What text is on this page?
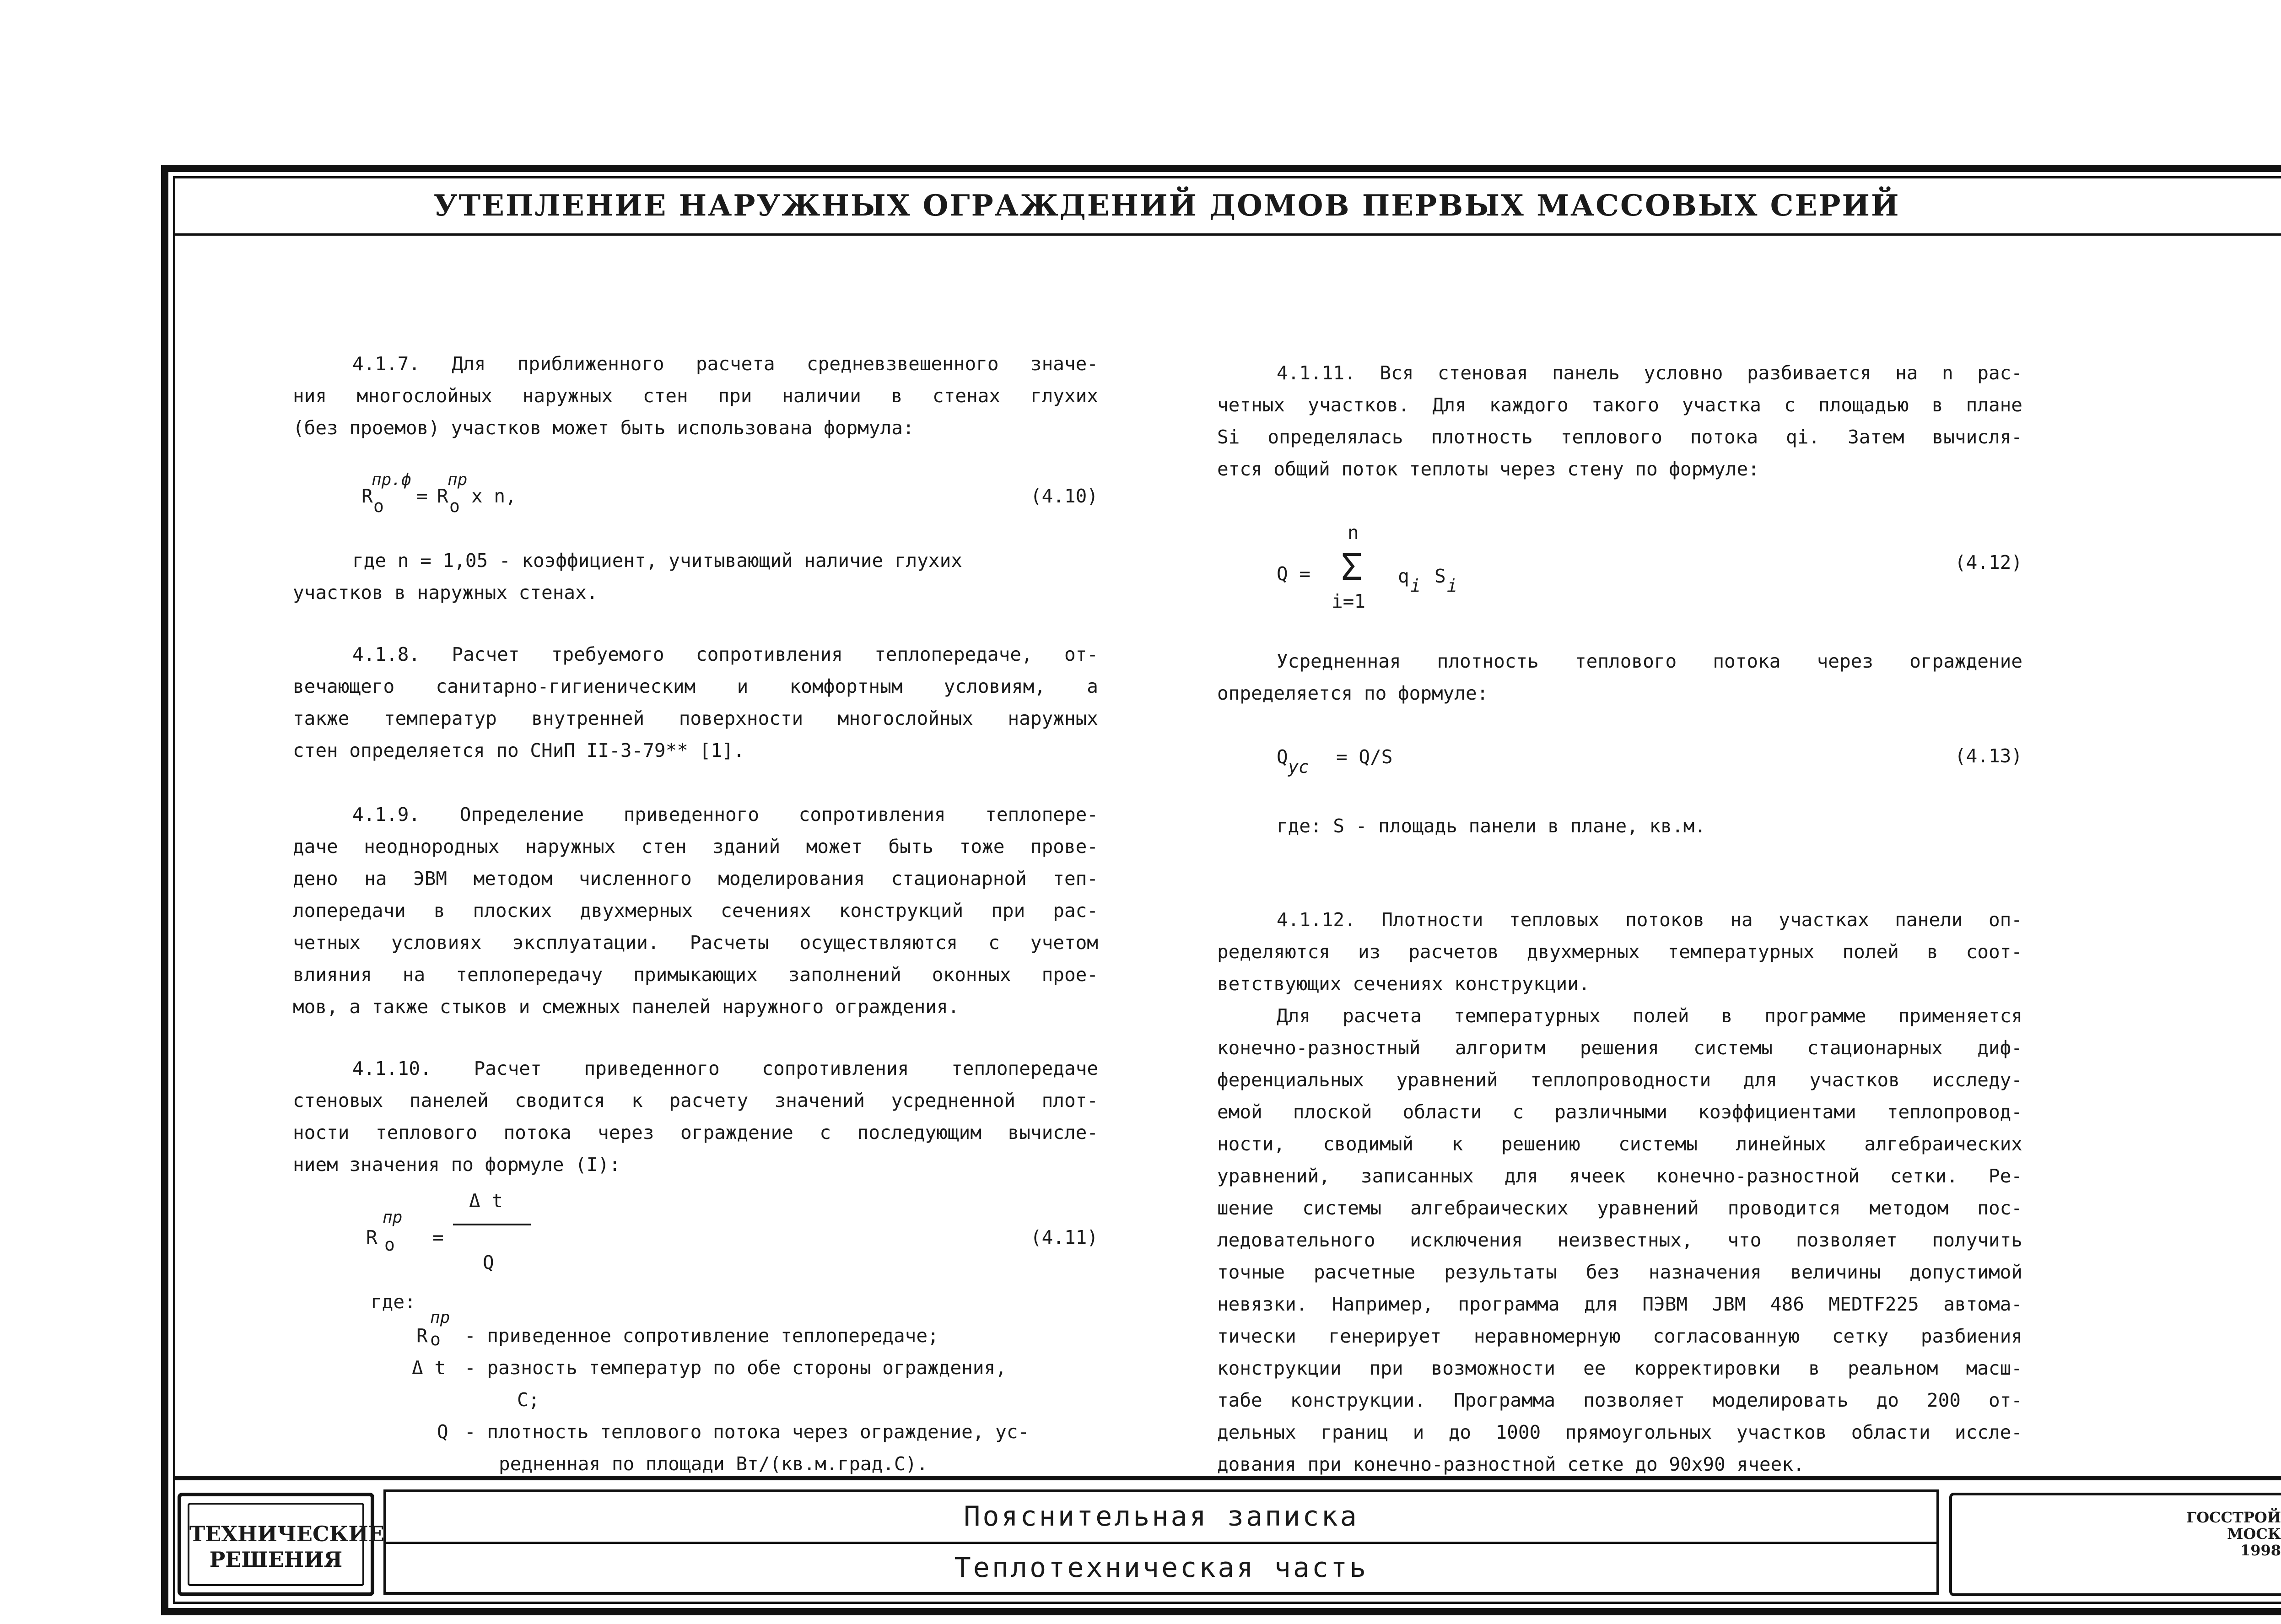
УТЕПЛЕНИЕ НАРУЖНЫХ ОГРАЖДЕНИЙ ДОМОВ ПЕРВЫХ МАССОВЫХ СЕРИЙ

4.1.7. Для приближенного расчета средневзвешенного значе-

ния многослойных наружных стен при наличии в стенах глухих

(без проемов) участков может быть использована формула:

R
пр.ф
о = R
пр
о x n,	(4.10)

где n = 1,05 - коэффициент, учитывающий наличие глухих

участков в наружных стенах.

4.1.8. Расчет требуемого сопротивления теплопередаче, от-

вечающего санитарно-гигиеническим и комфортным условиям, а

также температур внутренней поверхности многослойных наружных

стен определяется по СНиП II-3-79** [1].

4.1.9. Определение приведенного сопротивления теплопере-

даче неоднородных наружных стен зданий может быть тоже прове-

дено на ЭВМ методом численного моделирования стационарной теп-

лопередачи в плоских двухмерных сечениях конструкций при рас-

четных условиях эксплуатации. Расчеты осуществляются с учетом

влияния на теплопередачу примыкающих заполнений оконных прое-

мов, а также стыков и смежных панелей наружного ограждения.

4.1.10. Расчет приведенного сопротивления теплопередаче

стеновых панелей сводится к расчету значений усредненной плот-

ности теплового потока через ограждение с последующим вычисле-

нием значения по формуле (I):

R
пр
о =
Δ t
Q
(4.11)

где:

R
пр
о - приведенное сопротивление теплопередаче;
Δ t - разность температур по обе стороны ограждения,
C;
Q - плотность теплового потока через ограждение, ус-
редненная по площади Вт/(кв.м.град.С).

4.1.11. Вся стеновая панель условно разбивается на n рас-

четных участков. Для каждого такого участка с площадью в плане

Si определялась плотность теплового потока qi. Затем вычисля-

ется общий поток теплоты через стену по формуле:

Q =
n
Σ
i=1
q i S i
(4.12)

Усредненная плотность теплового потока через ограждение

определяется по формуле:

Q ус = Q/S	(4.13)

где: S - площадь панели в плане, кв.м.

4.1.12. Плотности тепловых потоков на участках панели оп-

ределяются из расчетов двухмерных температурных полей в соот-

ветствующих сечениях конструкции.

Для расчета температурных полей в программе применяется

конечно-разностный алгоритм решения системы стационарных диф-

ференциальных уравнений теплопроводности для участков исследу-

емой плоской области с различными коэффициентами теплопровод-

ности, сводимый к решению системы линейных алгебраических

уравнений, записанных для ячеек конечно-разностной сетки. Ре-

шение системы алгебраических уравнений проводится методом пос-

ледовательного исключения неизвестных, что позволяет получить

точные расчетные результаты без назначения величины допустимой

невязки. Например, программа для ПЭВМ JBM 486 MEDTF225 автома-

тически генерирует неравномерную согласованную сетку разбиения

конструкции при возможности ее корректировки в реальном масш-

табе конструкции. Программа позволяет моделировать до 200 от-

дельных границ и до 1000 прямоугольных участков области иссле-

дования при конечно-разностной сетке до 90x90 ячеек.

ТЕХНИЧЕСКИЕ
РЕШЕНИЯ
Пояснительная записка
Теплотехническая часть
ГОССТРОЙ
МОСК
1998
